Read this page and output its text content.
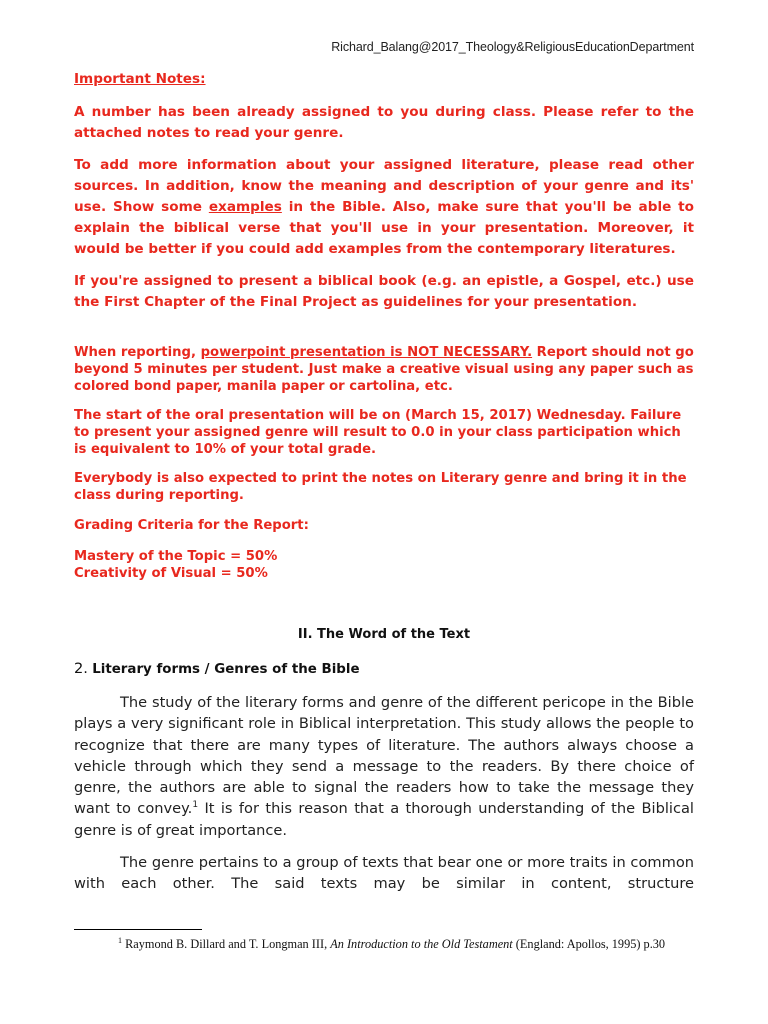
Richard_Balang@2017_Theology&ReligiousEducationDepartment
Important Notes:

A number has been already assigned to you during class. Please refer to the attached notes to read your genre.

To add more information about your assigned literature, please read other sources. In addition, know the meaning and description of your genre and its' use. Show some examples in the Bible. Also, make sure that you'll be able to explain the biblical verse that you'll use in your presentation. Moreover, it would be better if you could add examples from the contemporary literatures.

If you're assigned to present a biblical book (e.g. an epistle, a Gospel, etc.) use the First Chapter of the Final Project as guidelines for your presentation.

When reporting, powerpoint presentation is NOT NECESSARY. Report should not go beyond 5 minutes per student. Just make a creative visual using any paper such as colored bond paper, manila paper or cartolina, etc.

The start of the oral presentation will be on (March 15, 2017) Wednesday. Failure to present your assigned genre will result to 0.0 in your class participation which is equivalent to 10% of your total grade.

Everybody is also expected to print the notes on Literary genre and bring it in the class during reporting.

Grading Criteria for the Report:
Mastery of the Topic = 50%
Creativity of Visual = 50%
II. The Word of the Text
2. Literary forms / Genres of the Bible

The study of the literary forms and genre of the different pericope in the Bible plays a very significant role in Biblical interpretation. This study allows the people to recognize that there are many types of literature. The authors always choose a vehicle through which they send a message to the readers. By there choice of genre, the authors are able to signal the readers how to take the message they want to convey.$^1$ It is for this reason that a thorough understanding of the Biblical genre is of great importance.

The genre pertains to a group of texts that bear one or more traits in common with each other. The said texts may be similar in content, structure

$^1$ Raymond B. Dillard and T. Longman III, An Introduction to the Old Testament (England: Apollos, 1995) p.30
